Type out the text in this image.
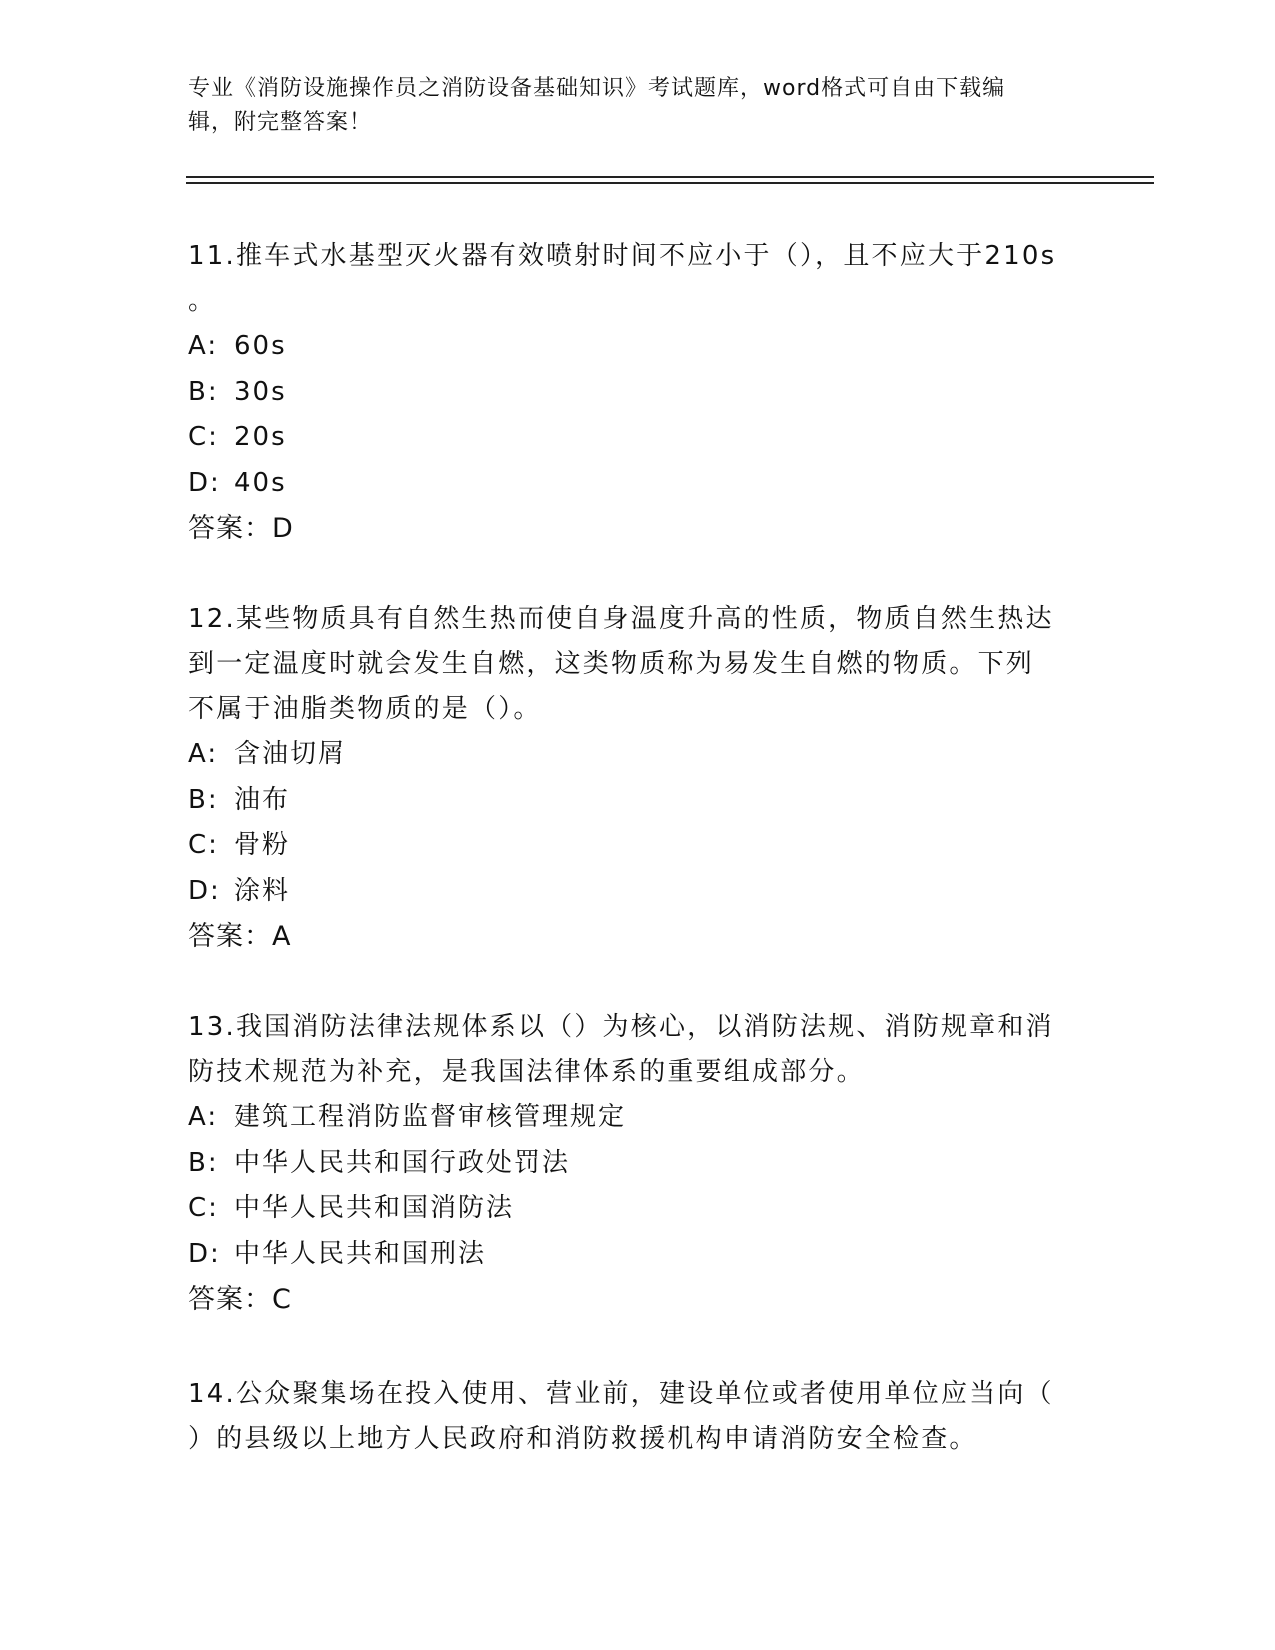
专业《消防设施操作员之消防设备基础知识》考试题库，word格式可自由下载编
辑，附完整答案！

11.推车式水基型灭火器有效喷射时间不应小于（），且不应大于210s

。

A: 60s

B: 30s

C: 20s

D: 40s

答案：D

12.某些物质具有自然生热而使自身温度升高的性质，物质自然生热达

到一定温度时就会发生自燃，这类物质称为易发生自燃的物质。下列

不属于油脂类物质的是（）。

A: 含油切屑

B: 油布

C: 骨粉

D: 涂料

答案：A

13.我国消防法律法规体系以（）为核心，以消防法规、消防规章和消

防技术规范为补充，是我国法律体系的重要组成部分。

A: 建筑工程消防监督审核管理规定

B: 中华人民共和国行政处罚法

C: 中华人民共和国消防法

D: 中华人民共和国刑法

答案：C

14.公众聚集场在投入使用、营业前，建设单位或者使用单位应当向（

）的县级以上地方人民政府和消防救援机构申请消防安全检查。
